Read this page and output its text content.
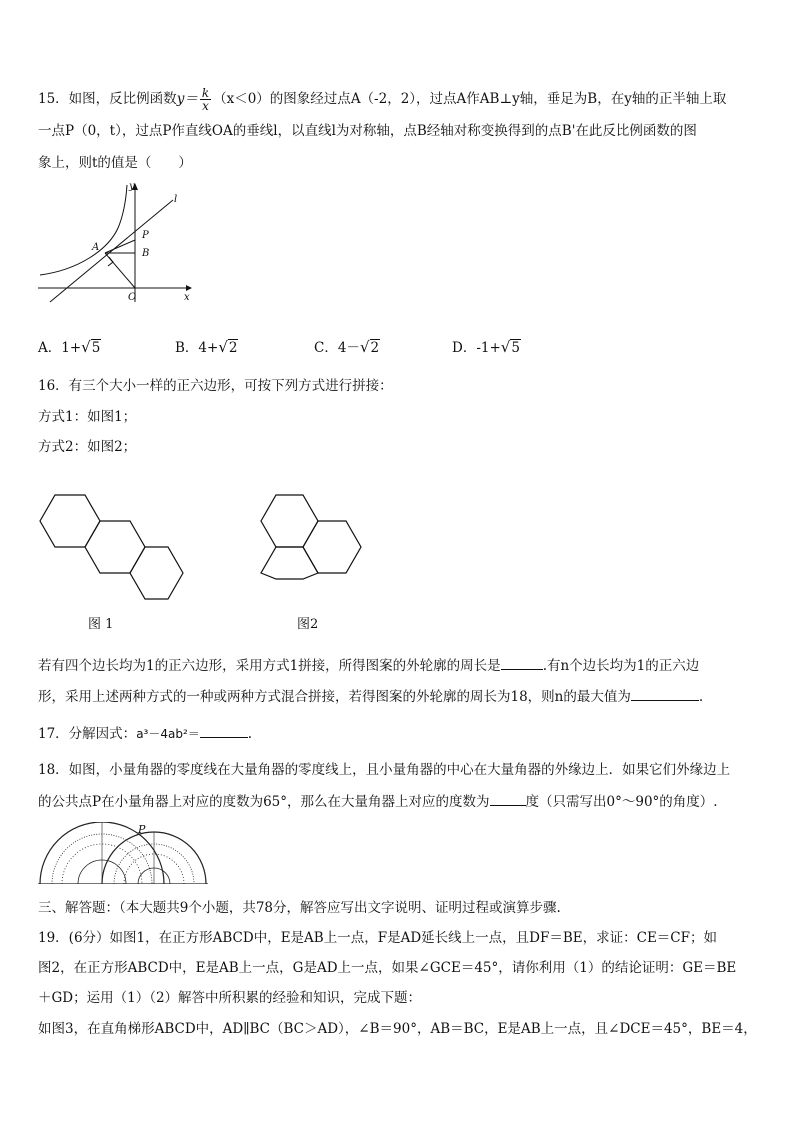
15．如图，反比例函数$y= \frac{k}{x} (x<0)$的图象经过点A（-2，2），过点A作AB⊥y轴，垂足为B，在y轴的正半轴上取
一点P（0，t），过点P作直线OA的垂线l，以直线l为对称轴，点B经轴对称变换得到的点B'在此反比例函数的图
象上，则t的值是（　　）
y
l
P
A
B
O	x
A．1+√5	B．4+√2	C．4－√2	D．-1+√5
16．有三个大小一样的正六边形，可按下列方式进行拼接：
方式1：如图1；
方式2：如图2；
图 1	图2
若有四个边长均为1的正六边形，采用方式1拼接，所得图案的外轮廓的周长是	.有n个边长均为1的正六边
形，采用上述两种方式的一种或两种方式混合拼接，若得图案的外轮廓的周长为18，则n的最大值为	.
17．分解因式：a³－4ab²＝	.
18．如图，小量角器的零度线在大量角器的零度线上，且小量角器的中心在大量角器的外缘边上．如果它们外缘边上
的公共点P在小量角器上对应的度数为65°，那么在大量角器上对应的度数为	度（只需写出0°～90°的角度）.
P
三、解答题：（本大题共9个小题，共78分，解答应写出文字说明、证明过程或演算步骤.
19．(6分）如图1，在正方形ABCD中，E是AB上一点，F是AD延长线上一点，且DF＝BE，求证：CE＝CF；如
图2，在正方形ABCD中，E是AB上一点，G是AD上一点，如果∠GCE＝45°，请你利用（1）的结论证明：GE＝BE
＋GD；运用（1）（2）解答中所积累的经验和知识，完成下题：
如图3，在直角梯形ABCD中，AD∥BC（BC＞AD），∠B＝90°，AB＝BC，E是AB上一点，且∠DCE＝45°，BE＝4，
